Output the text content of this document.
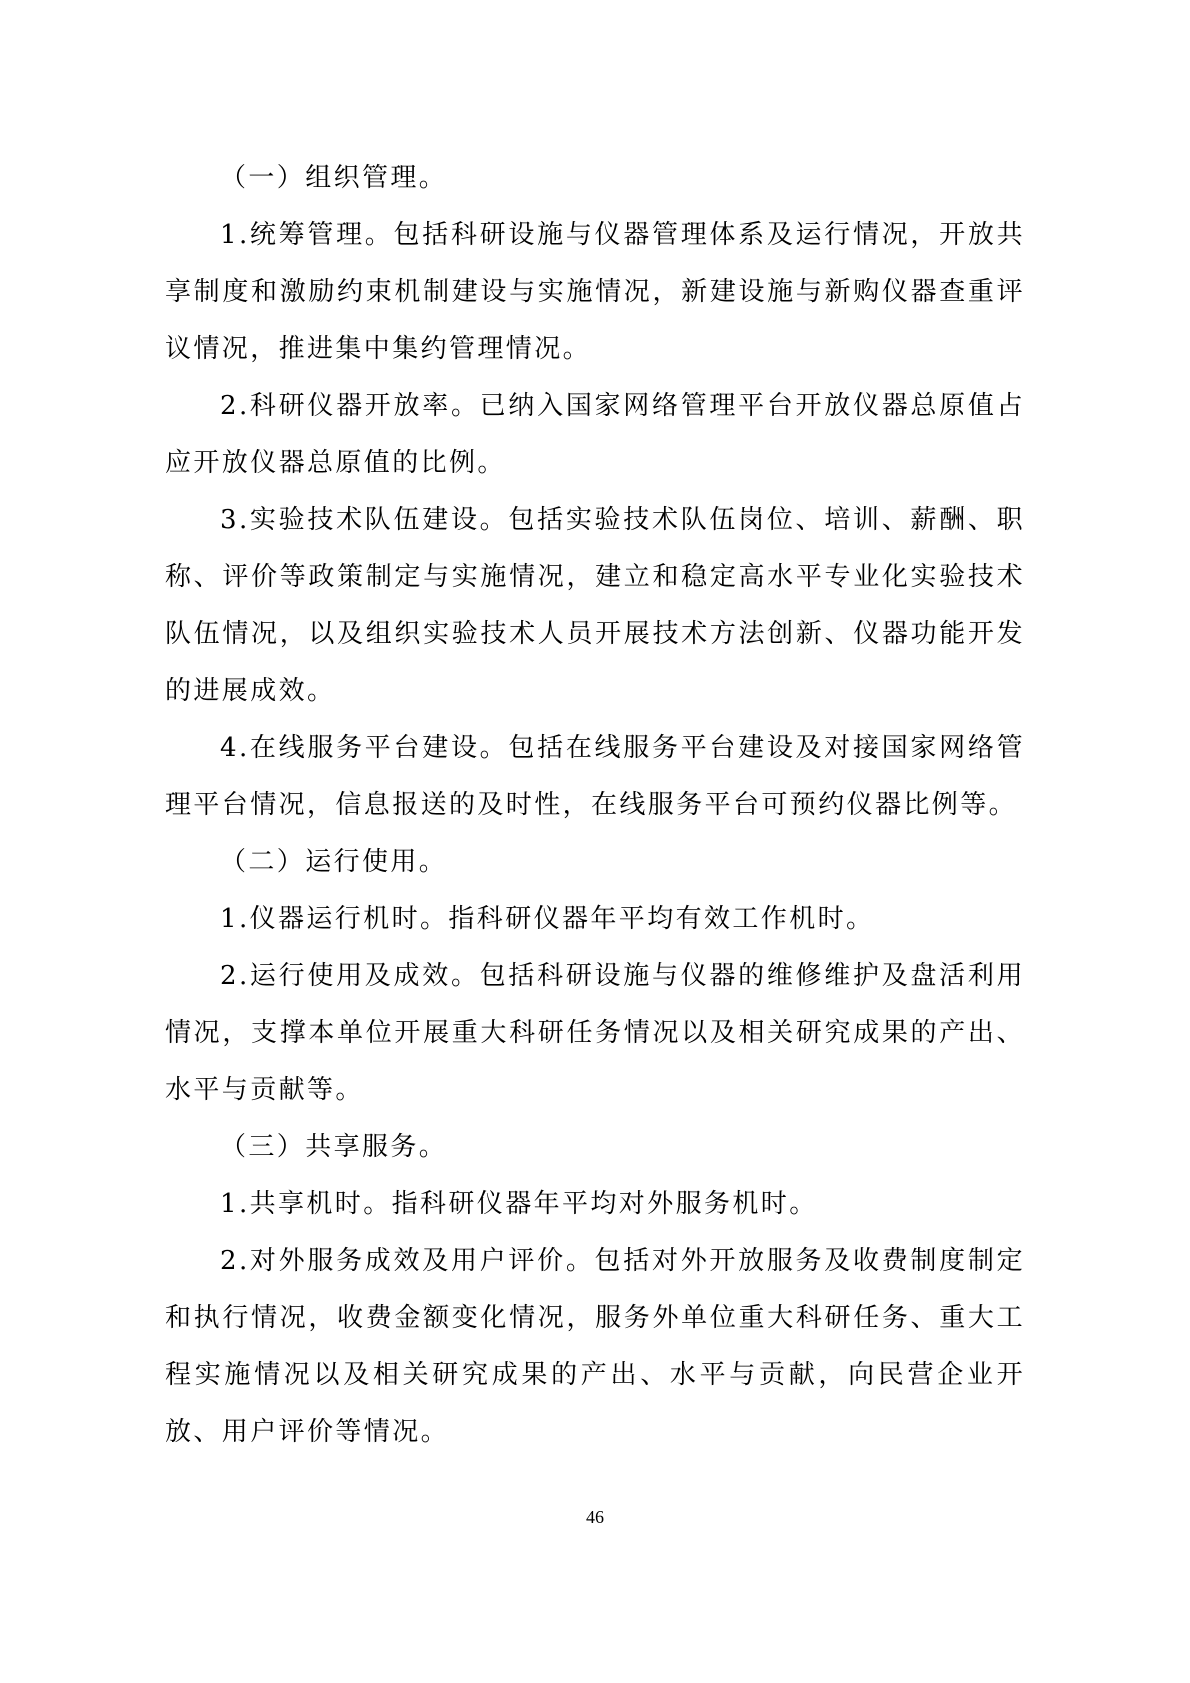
（一）组织管理。

1.统筹管理。包括科研设施与仪器管理体系及运行情况，开放共享制度和激励约束机制建设与实施情况，新建设施与新购仪器查重评议情况，推进集中集约管理情况。

2.科研仪器开放率。已纳入国家网络管理平台开放仪器总原值占应开放仪器总原值的比例。

3.实验技术队伍建设。包括实验技术队伍岗位、培训、薪酬、职称、评价等政策制定与实施情况，建立和稳定高水平专业化实验技术队伍情况，以及组织实验技术人员开展技术方法创新、仪器功能开发的进展成效。

4.在线服务平台建设。包括在线服务平台建设及对接国家网络管理平台情况，信息报送的及时性，在线服务平台可预约仪器比例等。

（二）运行使用。

1.仪器运行机时。指科研仪器年平均有效工作机时。

2.运行使用及成效。包括科研设施与仪器的维修维护及盘活利用情况，支撑本单位开展重大科研任务情况以及相关研究成果的产出、水平与贡献等。

（三）共享服务。

1.共享机时。指科研仪器年平均对外服务机时。

2.对外服务成效及用户评价。包括对外开放服务及收费制度制定和执行情况，收费金额变化情况，服务外单位重大科研任务、重大工程实施情况以及相关研究成果的产出、水平与贡献，向民营企业开放、用户评价等情况。

46
